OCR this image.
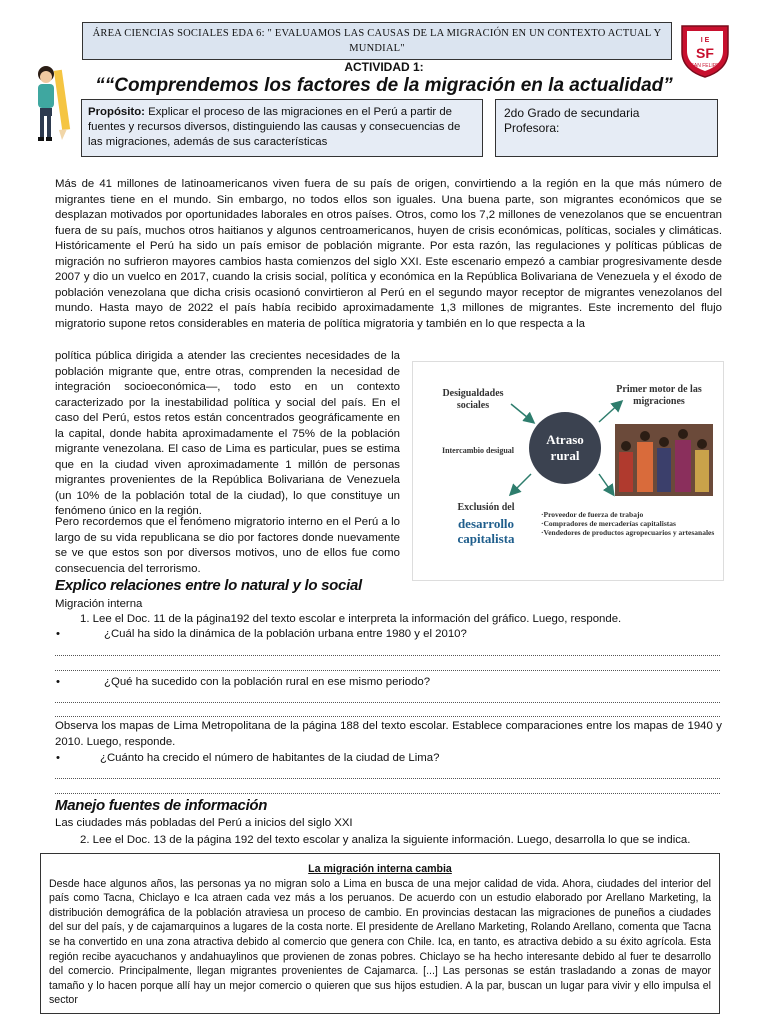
ÁREA CIENCIAS SOCIALES EDA 6: " EVALUAMOS LAS CAUSAS DE LA MIGRACIÓN EN UN CONTEXTO ACTUAL Y MUNDIAL"
I E
SF
SAN FELIPE
ACTIVIDAD 1:
““Comprendemos los factores de la migración en la actualidad”
Propósito: Explicar el proceso de las migraciones en el Perú a partir de fuentes y recursos diversos, distinguiendo las causas y consecuencias de las migraciones, además de sus características
2do Grado de secundaria
Profesora:
Más de 41 millones de latinoamericanos viven fuera de su país de origen, convirtiendo a la región en la que más número de migrantes tiene en el mundo. Sin embargo, no todos ellos son iguales. Una buena parte, son migrantes económicos que se desplazan motivados por oportunidades laborales en otros países. Otros, como los 7,2 millones de venezolanos que se encuentran fuera de su país, muchos otros haitianos y algunos centroamericanos, huyen de crisis económicas, políticas, sociales y climáticas. Históricamente el Perú ha sido un país emisor de población migrante. Por esta razón, las regulaciones y políticas públicas de migración no sufrieron mayores cambios hasta comienzos del siglo XXI. Este escenario empezó a cambiar progresivamente desde 2007 y dio un vuelco en 2017, cuando la crisis social, política y económica en la República Bolivariana de Venezuela y el éxodo de población venezolana que dicha crisis ocasionó convirtieron al Perú en el segundo mayor receptor de migrantes venezolanos del mundo. Hasta mayo de 2022 el país había recibido aproximadamente 1,3 millones de migrantes. Este incremento del flujo migratorio supone retos considerables en materia de política migratoria y también en lo que respecta a la
política pública dirigida a atender las crecientes necesidades de la población migrante que, entre otras, comprenden la necesidad de integración socioeconómica—, todo esto en un contexto caracterizado por la inestabilidad política y social del país. En el caso del Perú, estos retos están concentrados geográficamente en la capital, donde habita aproximadamente el 75% de la población migrante venezolana. El caso de Lima es particular, pues se estima que en la ciudad viven aproximadamente 1 millón de personas migrantes provenientes de la República Bolivariana de Venezuela (un 10% de la población total de la ciudad), lo que constituye un fenómeno único en la región.
Pero recordemos que el fenómeno migratorio interno en el Perú a lo largo de su vida republicana se dio por factores donde nuevamente se ve que estos son por diversos motivos, uno de ellos fue como consecuencia del terrorismo.
Desigualdades sociales
Primer motor de las migraciones
Atraso rural
Intercambio desigual
Exclusión del
desarrollo capitalista
·Proveedor de fuerza de trabajo
·Compradores de mercaderías capitalistas
·Vendedores de productos agropecuarios y artesanales
Explico relaciones entre lo natural y lo social
Migración interna
1. Lee el Doc. 11 de la página192 del texto escolar e interpreta la información del gráfico. Luego, responde.
•	¿Cuál ha sido la dinámica de la población urbana entre 1980 y el 2010?
•	¿Qué ha sucedido con la población rural en ese mismo periodo?
Observa los mapas de Lima Metropolitana de la página 188 del texto escolar. Establece comparaciones entre los mapas de 1940 y 2010. Luego, responde.
•	¿Cuánto ha crecido el número de habitantes de la ciudad de Lima?
Manejo fuentes de información
Las ciudades más pobladas del Perú a inicios del siglo XXI
2. Lee el Doc. 13 de la página 192 del texto escolar y analiza la siguiente información. Luego, desarrolla lo que se indica.
La migración interna cambia
Desde hace algunos años, las personas ya no migran solo a Lima en busca de una mejor calidad de vida. Ahora, ciudades del interior del país como Tacna, Chiclayo e Ica atraen cada vez más a los peruanos. De acuerdo con un estudio elaborado por Arellano Marketing, la distribución demográfica de la población atraviesa un proceso de cambio. En provincias destacan las migraciones de puneños a ciudades del sur del país, y de cajamarquinos a lugares de la costa norte. El presidente de Arellano Marketing, Rolando Arellano, comenta que Tacna se ha convertido en una zona atractiva debido al comercio que genera con Chile. Ica, en tanto, es atractiva debido a su éxito agrícola. Esta región recibe ayacuchanos y andahuaylinos que provienen de zonas pobres. Chiclayo se ha hecho interesante debido al fuer te desarrollo del comercio. Principalmente, llegan migrantes provenientes de Cajamarca. [...] Las personas se están trasladando a zonas de mayor tamaño y lo hacen porque allí hay un mejor comercio o quieren que sus hijos estudien. A la par, buscan un lugar para vivir y ello impulsa el sector
